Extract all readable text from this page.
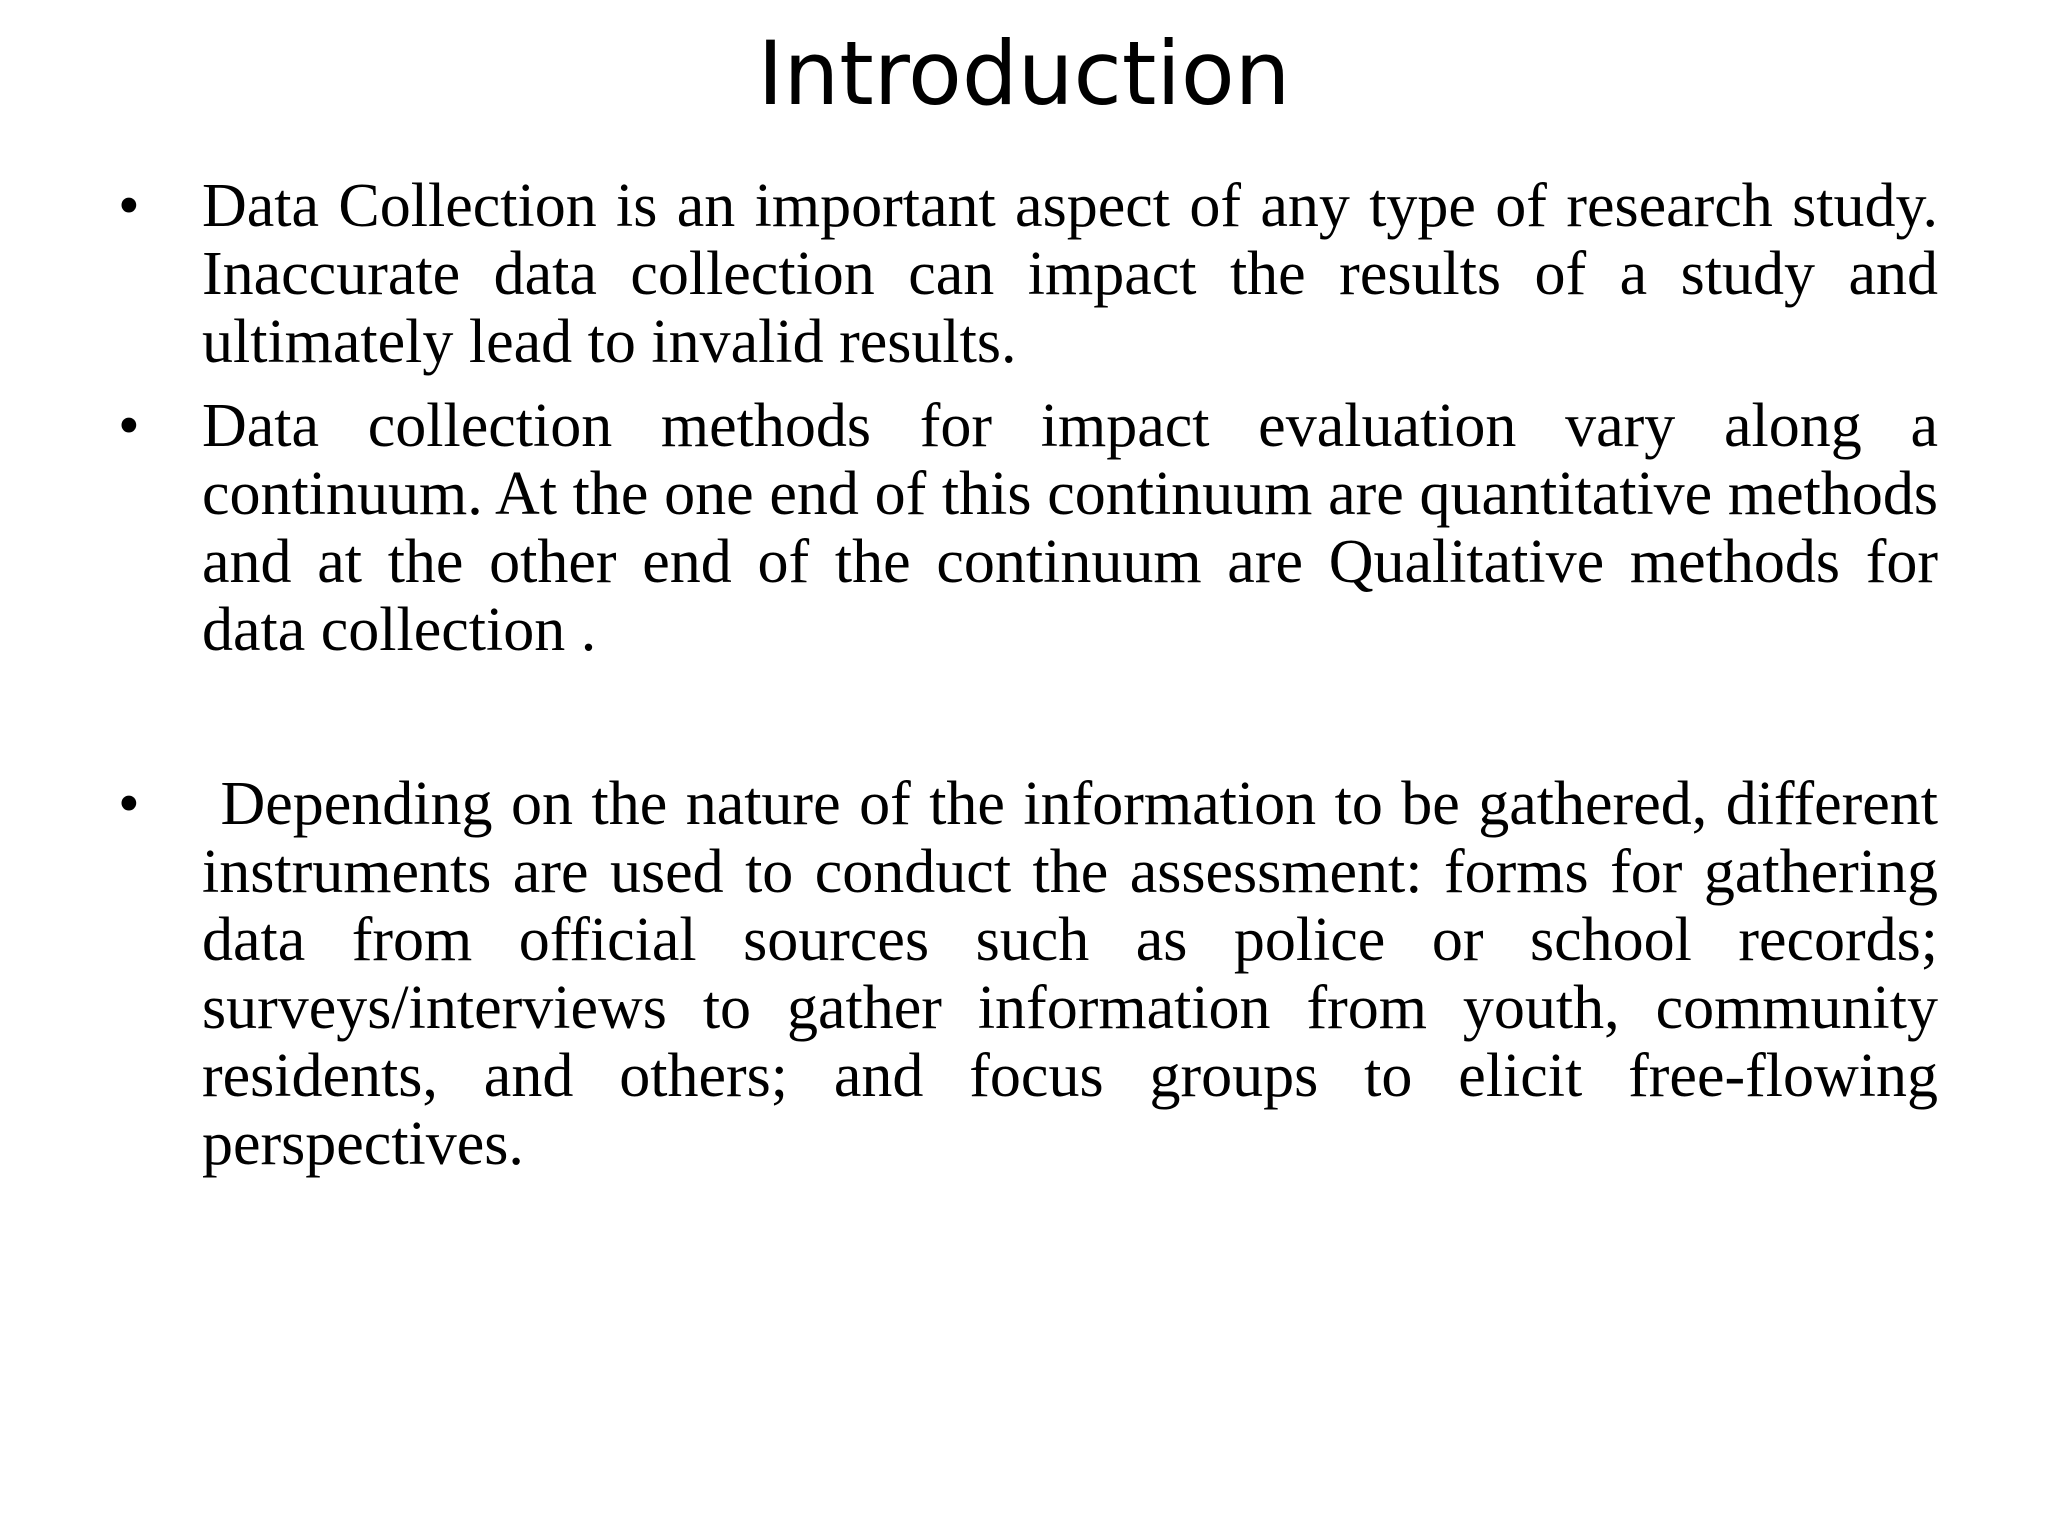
Introduction
•	Data Collection is an important aspect of any type of research study. Inaccurate data collection can impact the results of a study and ultimately lead to invalid results.
•	Data collection methods for impact evaluation vary along a continuum. At the one end of this continuum are quantitative methods and at the other end of the continuum are Qualitative methods for data collection .
•	Depending on the nature of the information to be gathered, different instruments are used to conduct the assessment: forms for gathering data from official sources such as police or school records; surveys/interviews to gather information from youth, community residents, and others; and focus groups to elicit free-flowing perspectives.
